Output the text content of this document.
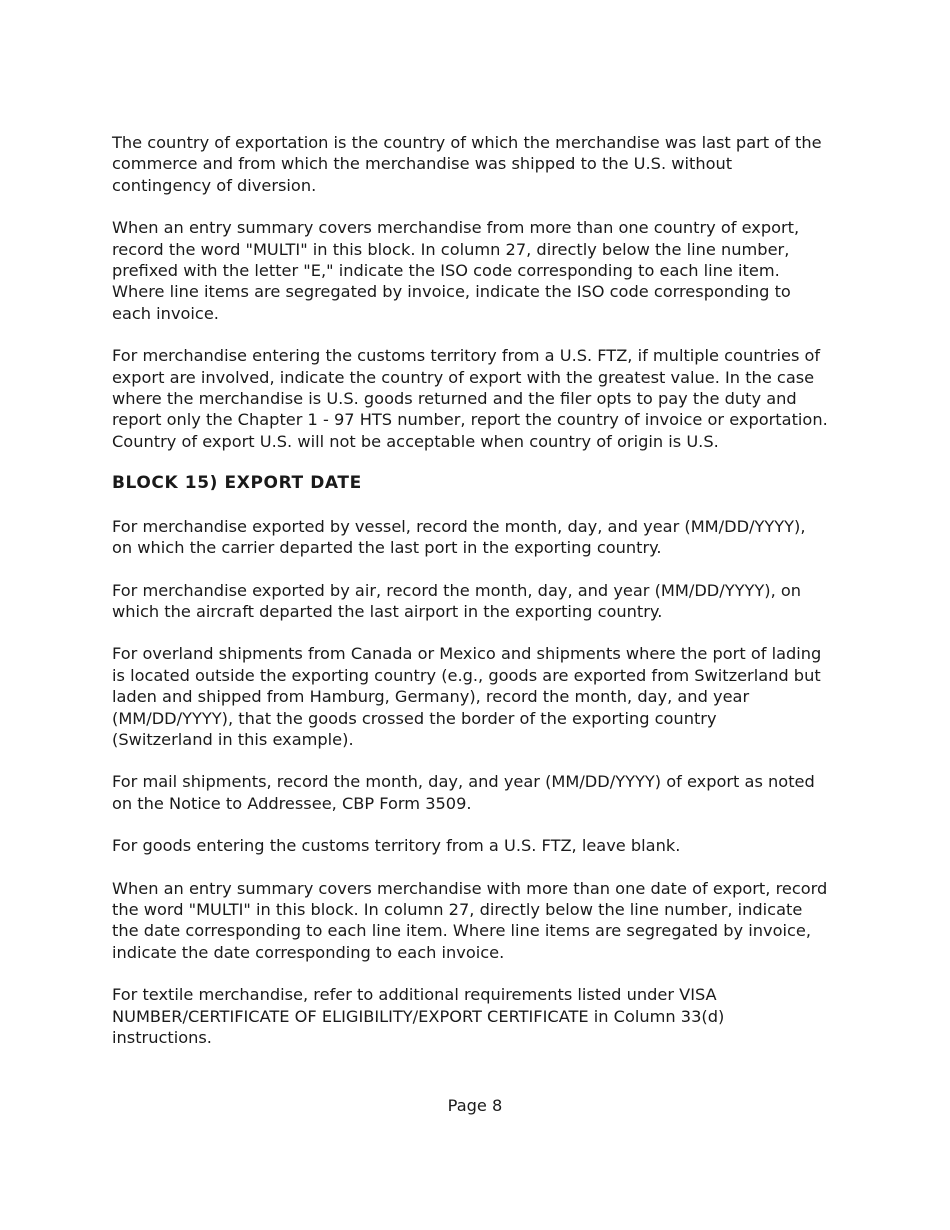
The country of exportation is the country of which the merchandise was last part of the
commerce and from which the merchandise was shipped to the U.S. without
contingency of diversion.

When an entry summary covers merchandise from more than one country of export,
record the word "MULTI" in this block. In column 27, directly below the line number,
prefixed with the letter "E," indicate the ISO code corresponding to each line item.
Where line items are segregated by invoice, indicate the ISO code corresponding to
each invoice.

For merchandise entering the customs territory from a U.S. FTZ, if multiple countries of
export are involved, indicate the country of export with the greatest value. In the case
where the merchandise is U.S. goods returned and the filer opts to pay the duty and
report only the Chapter 1 - 97 HTS number, report the country of invoice or exportation.
Country of export U.S. will not be acceptable when country of origin is U.S.

BLOCK 15) EXPORT DATE

For merchandise exported by vessel, record the month, day, and year (MM/DD/YYYY),
on which the carrier departed the last port in the exporting country.

For merchandise exported by air, record the month, day, and year (MM/DD/YYYY), on
which the aircraft departed the last airport in the exporting country.

For overland shipments from Canada or Mexico and shipments where the port of lading
is located outside the exporting country (e.g., goods are exported from Switzerland but
laden and shipped from Hamburg, Germany), record the month, day, and year
(MM/DD/YYYY), that the goods crossed the border of the exporting country
(Switzerland in this example).

For mail shipments, record the month, day, and year (MM/DD/YYYY) of export as noted
on the Notice to Addressee, CBP Form 3509.

For goods entering the customs territory from a U.S. FTZ, leave blank.

When an entry summary covers merchandise with more than one date of export, record
the word "MULTI" in this block. In column 27, directly below the line number, indicate
the date corresponding to each line item. Where line items are segregated by invoice,
indicate the date corresponding to each invoice.

For textile merchandise, refer to additional requirements listed under VISA
NUMBER/CERTIFICATE OF ELIGIBILITY/EXPORT CERTIFICATE in Column 33(d)
instructions.

Page 8
